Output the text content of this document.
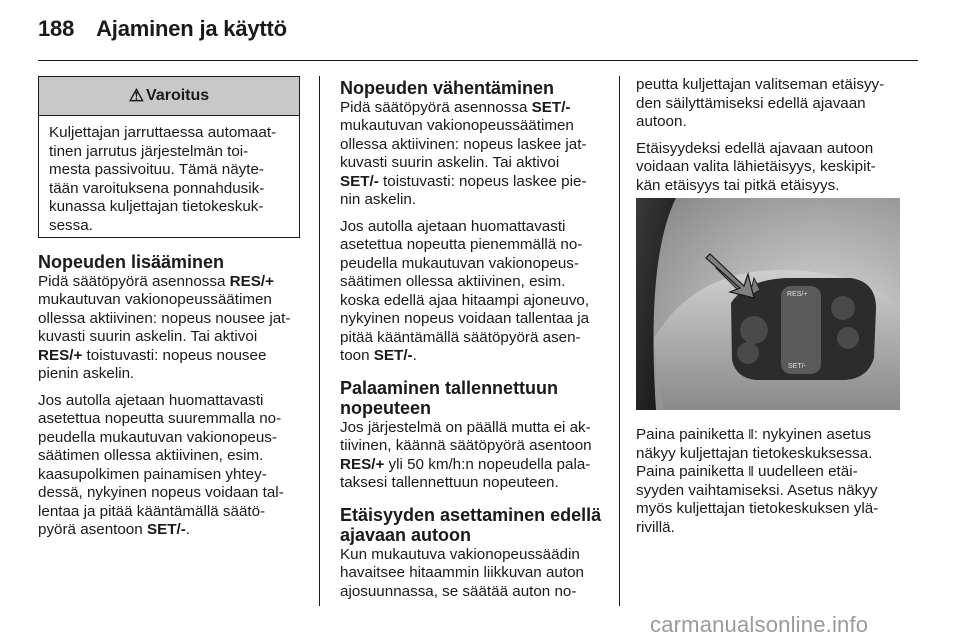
188 Ajaminen ja käyttö
⚠ Varoitus
Kuljettajan jarruttaessa automaat-
tinen jarrutus järjestelmän toi-
mesta passivoituu. Tämä näyte-
tään varoituksena ponnahdusik-
kunassa kuljettajan tietokeskuk-
sessa.
Nopeuden lisääminen

Pidä säätöpyörä asennossa RES/+
mukautuvan vakionopeussäätimen
ollessa aktiivinen: nopeus nousee jat-
kuvasti suurin askelin. Tai aktivoi
RES/+ toistuvasti: nopeus nousee
pienin askelin.

Jos autolla ajetaan huomattavasti
asetettua nopeutta suuremmalla no-
peudella mukautuvan vakionopeus-
säätimen ollessa aktiivinen, esim.
kaasupolkimen painamisen yhtey-
dessä, nykyinen nopeus voidaan tal-
lentaa ja pitää kääntämällä säätö-
pyörä asentoon SET/-.

Nopeuden vähentäminen

Pidä säätöpyörä asennossa SET/-
mukautuvan vakionopeussäätimen
ollessa aktiivinen: nopeus laskee jat-
kuvasti suurin askelin. Tai aktivoi
SET/- toistuvasti: nopeus laskee pie-
nin askelin.

Jos autolla ajetaan huomattavasti
asetettua nopeutta pienemmällä no-
peudella mukautuvan vakionopeus-
säätimen ollessa aktiivinen, esim.
koska edellä ajaa hitaampi ajoneuvo,
nykyinen nopeus voidaan tallentaa ja
pitää kääntämällä säätöpyörä asen-
toon SET/-.

Palaaminen tallennettuun
nopeuteen

Jos järjestelmä on päällä mutta ei ak-
tiivinen, käännä säätöpyörä asentoon
RES/+ yli 50 km/h:n nopeudella pala-
taksesi tallennettuun nopeuteen.

Etäisyyden asettaminen edellä
ajavaan autoon

Kun mukautuva vakionopeussäädin
havaitsee hitaammin liikkuvan auton
ajosuunnassa, se säätää auton no-

peutta kuljettajan valitseman etäisyy-
den säilyttämiseksi edellä ajavaan
autoon.

Etäisyydeksi edellä ajavaan autoon
voidaan valita lähietäisyys, keskipit-
kän etäisyys tai pitkä etäisyys.

RES/+
SET/-

Paina painiketta ⫴: nykyinen asetus
näkyy kuljettajan tietokeskuksessa.
Paina painiketta ⫴ uudelleen etäi-
syyden vaihtamiseksi. Asetus näkyy
myös kuljettajan tietokeskuksen ylä-
rivillä.

carmanualsonline.info
